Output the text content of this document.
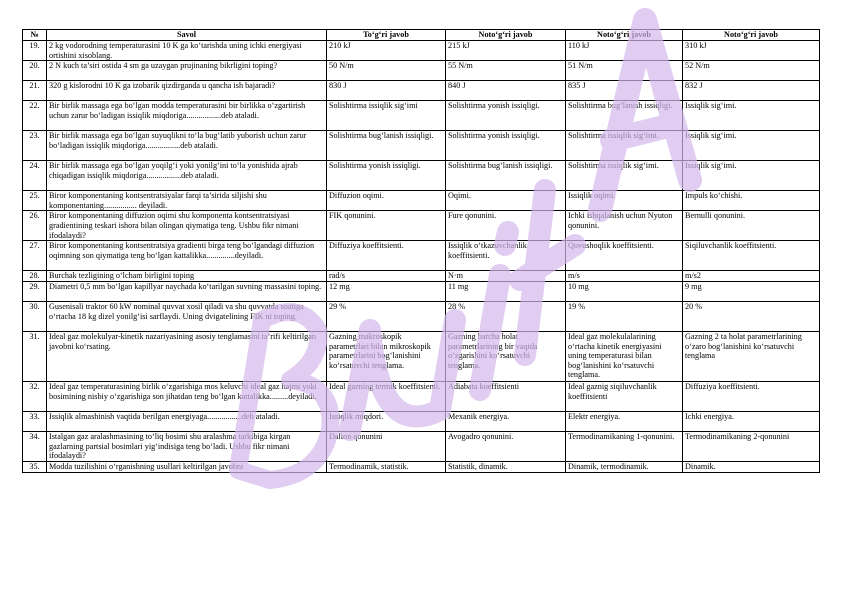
№	Savol	To‘g‘ri javob	Noto‘g‘ri javob	Noto‘g‘ri javob	Noto‘g‘ri javob
19.	2 kg vodorodning temperaturasini 10 K ga ko‘tarishda uning ichki energiyasi ortishini xisoblang.	210 kJ	215 kJ	110 kJ	310 kJ
20.	2 N kuch ta’siri ostida 4 sm ga uzaygan prujinaning bikrligini toping?	50 N/m	55 N/m	51 N/m	52 N/m
21.	320 g kislorodni 10 K ga izobarik qizdirganda u qancha ish bajaradi?	830 J	840 J	835 J	832 J
22.	Bir birlik massaga ega bo‘lgan modda temperaturasini bir birlikka o‘zgartirish uchun zarur bo‘ladigan issiqlik miqdoriga.................deb ataladi.	Solishtirma issiqlik sig‘imi	Solishtirma yonish issiqligi.	Solishtirma bug‘lanish issiqligi.	Issiqlik sig‘imi.
23.	Bir birlik massaga ega bo‘lgan suyuqlikni to‘la bug‘latib yuborish uchun zarur bo‘ladigan issiqlik miqdoriga.................deb ataladi.	Solishtirma bug‘lanish issiqligi.	Solishtirma yonish issiqligi.	Solishtirma issiqlik sig‘imi.	Issiqlik sig‘imi.
24.	Bir birlik massaga ega bo‘lgan yoqilg‘i yoki yonilg‘ini to‘la yonishida ajrab chiqadigan issiqlik miqdoriga.................deb ataladi.	Solishtirma yonish issiqligi.	Solishtirma bug‘lanish issiqligi.	Solishtirma issiqlik sig‘imi.	Issiqlik sig‘imi.
25.	Biror komponentaning kontsentratsiyalar farqi ta’sirida siljishi shu komponentaning................ deyiladi.	Diffuzion oqimi.	Oqimi.	Issiqlik oqimi.	Impuls ko‘chishi.
26.	Biror komponentaning diffuzion oqimi shu komponenta kontsentratsiyasi gradientining teskari ishora bilan olingan qiymatiga teng. Ushbu fikr nimani ifodalaydi?	FIK qonunini.	Fure qonunini.	Ichki ishqalanish uchun Nyuton qonunini.	Bernulli qonunini.
27.	Biror komponentaning kontsentratsiya gradienti birga teng bo‘lgandagi diffuzion oqimning son qiymatiga teng bo‘lgan kattalikka..............deyiladi.	Diffuziya koeffitsienti.	Issiqlik o‘tkazuvchanlik koeffitsienti.	Qovushoqlik koeffitsienti.	Siqiluvchanlik koeffitsienti.
28.	Burchak tezligining o‘lcham birligini toping	rad/s	N·m	m/s	m/s2
29.	Diametri 0,5 mm bo‘lgan kapillyar naychada ko‘tarilgan suvning massasini toping.	12 mg	11 mg	10 mg	9 mg
30.	Gusenisali traktor 60 kW nominal quvvat xosil qiladi va shu quvvatda soatiga o‘rtacha 18 kg dizel yonilg‘isi sarflaydi. Uning dvigatelining FIK ni toping.	29 %	28 %	19 %	20 %
31.	Ideal gaz molekulyar-kinetik nazariyasining asosiy tenglamasini ta’rifi keltirilgan javobni ko‘rsating.	Gazning makroskopik parametrlari bilan mikroskopik parametrlarini bog‘lanishini ko‘rsatuvchi tenglama.	Gazning barcha holat parametrlarining bir vaqtda o‘zgarishini ko‘rsatuvchi tenglama.	Ideal gaz molekulalarining o‘rtacha kinetik energiyasini uning temperaturasi bilan bog‘lanishini ko‘rsatuvchi tenglama.	Gazning 2 ta holat parametrlarining o‘zaro bog‘lanishini ko‘rsatuvchi tenglama
32.	Ideal gaz temperaturasining birlik o‘zgarishiga mos keluvchi ideal gaz hajmi yoki bosimining nisbiy o‘zgarishiga son jihatdan teng bo‘lgan kattalikka.........deyiladi.	Ideal gazning termik koeffitsienti.	Adiabata koeffitsienti	Ideal gaznig siqiluvchanlik koeffitsienti	Diffuziya koeffitsienti.
33.	Issiqlik almashinish vaqtida berilgan energiyaga.................deb ataladi.	Issiqlik miqdori.	Mexanik energiya.	Elektr energiya.	Ichki energiya.
34.	Istalgan gaz aralashmasining to‘liq bosimi shu aralashma tarkibiga kirgan gazlarning partsial bosimlari yig‘indisiga teng bo‘ladi. Ushbu fikr nimani ifodalaydi?	Dalton qonunini	Avogadro qonunini.	Termodinamikaning 1-qonunini.	Termodinamikaning 2-qonunini
35.	Modda tuzilishini o‘rganishning usullari keltirilgan javobni	Termodinamik, statistik.	Statistik, dinamik.	Dinamik, termodinamik.	Dinamik.
